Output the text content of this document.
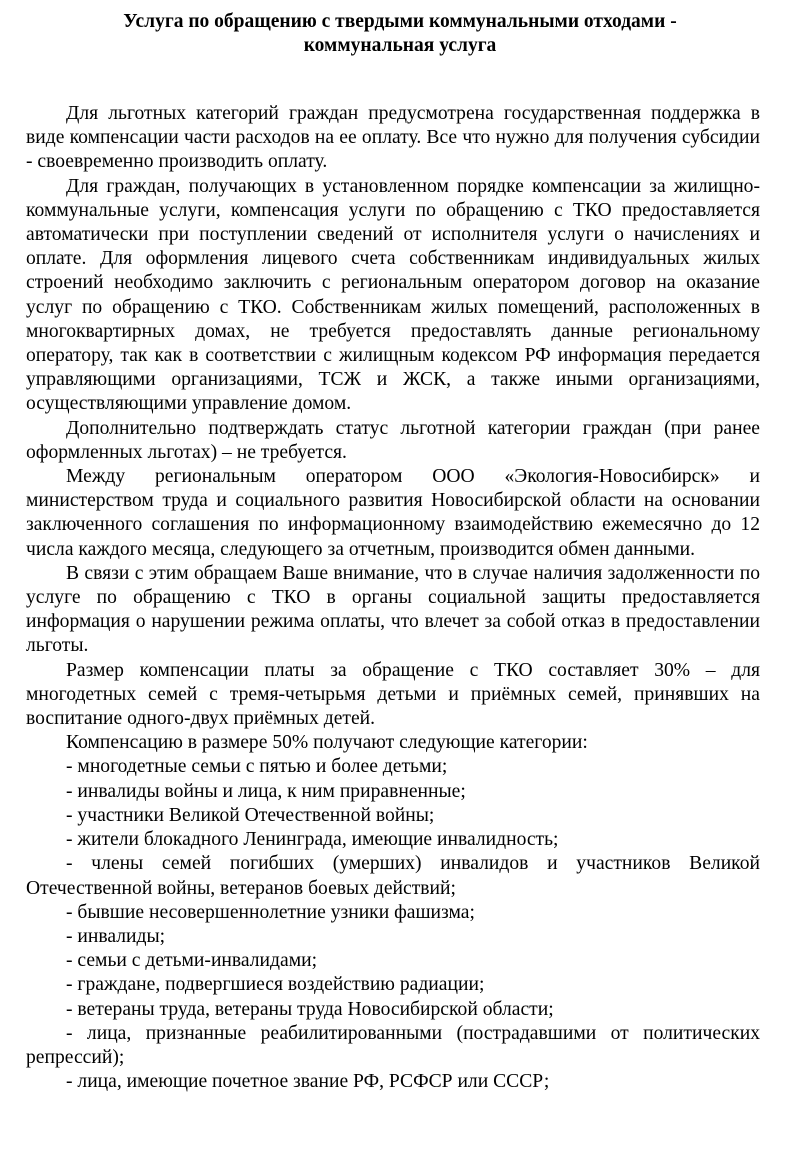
Услуга по обращению с твердыми коммунальными отходами -
коммунальная услуга

Для льготных категорий граждан предусмотрена государственная поддержка в виде компенсации части расходов на ее оплату. Все что нужно для получения субсидии - своевременно производить оплату.

Для граждан, получающих в установленном порядке компенсации за жилищно-коммунальные услуги, компенсация услуги по обращению с ТКО предоставляется автоматически при поступлении сведений от исполнителя услуги о начислениях и оплате. Для оформления лицевого счета собственникам индивидуальных жилых строений необходимо заключить с региональным оператором договор на оказание услуг по обращению с ТКО. Собственникам жилых помещений, расположенных в многоквартирных домах, не требуется предоставлять данные региональному оператору, так как в соответствии с жилищным кодексом РФ информация передается управляющими организациями, ТСЖ и ЖСК, а также иными организациями, осуществляющими управление домом.

Дополнительно подтверждать статус льготной категории граждан (при ранее оформленных льготах) – не требуется.

Между региональным оператором ООО «Экология-Новосибирск» и министерством труда и социального развития Новосибирской области на основании заключенного соглашения по информационному взаимодействию ежемесячно до 12 числа каждого месяца, следующего за отчетным, производится обмен данными.

В связи с этим обращаем Ваше внимание, что в случае наличия задолженности по услуге по обращению с ТКО в органы социальной защиты предоставляется информация о нарушении режима оплаты, что влечет за собой отказ в предоставлении льготы.

Размер компенсации платы за обращение с ТКО составляет 30% – для многодетных семей с тремя-четырьмя детьми и приёмных семей, принявших на воспитание одного-двух приёмных детей.

Компенсацию в размере 50% получают следующие категории:

- многодетные семьи с пятью и более детьми;

- инвалиды войны и лица, к ним приравненные;

- участники Великой Отечественной войны;

- жители блокадного Ленинграда, имеющие инвалидность;

- члены семей погибших (умерших) инвалидов и участников Великой Отечественной войны, ветеранов боевых действий;

- бывшие несовершеннолетние узники фашизма;

- инвалиды;

- семьи с детьми-инвалидами;

- граждане, подвергшиеся воздействию радиации;

- ветераны труда, ветераны труда Новосибирской области;

- лица, признанные реабилитированными (пострадавшими от политических репрессий);

- лица, имеющие почетное звание РФ, РСФСР или СССР;
